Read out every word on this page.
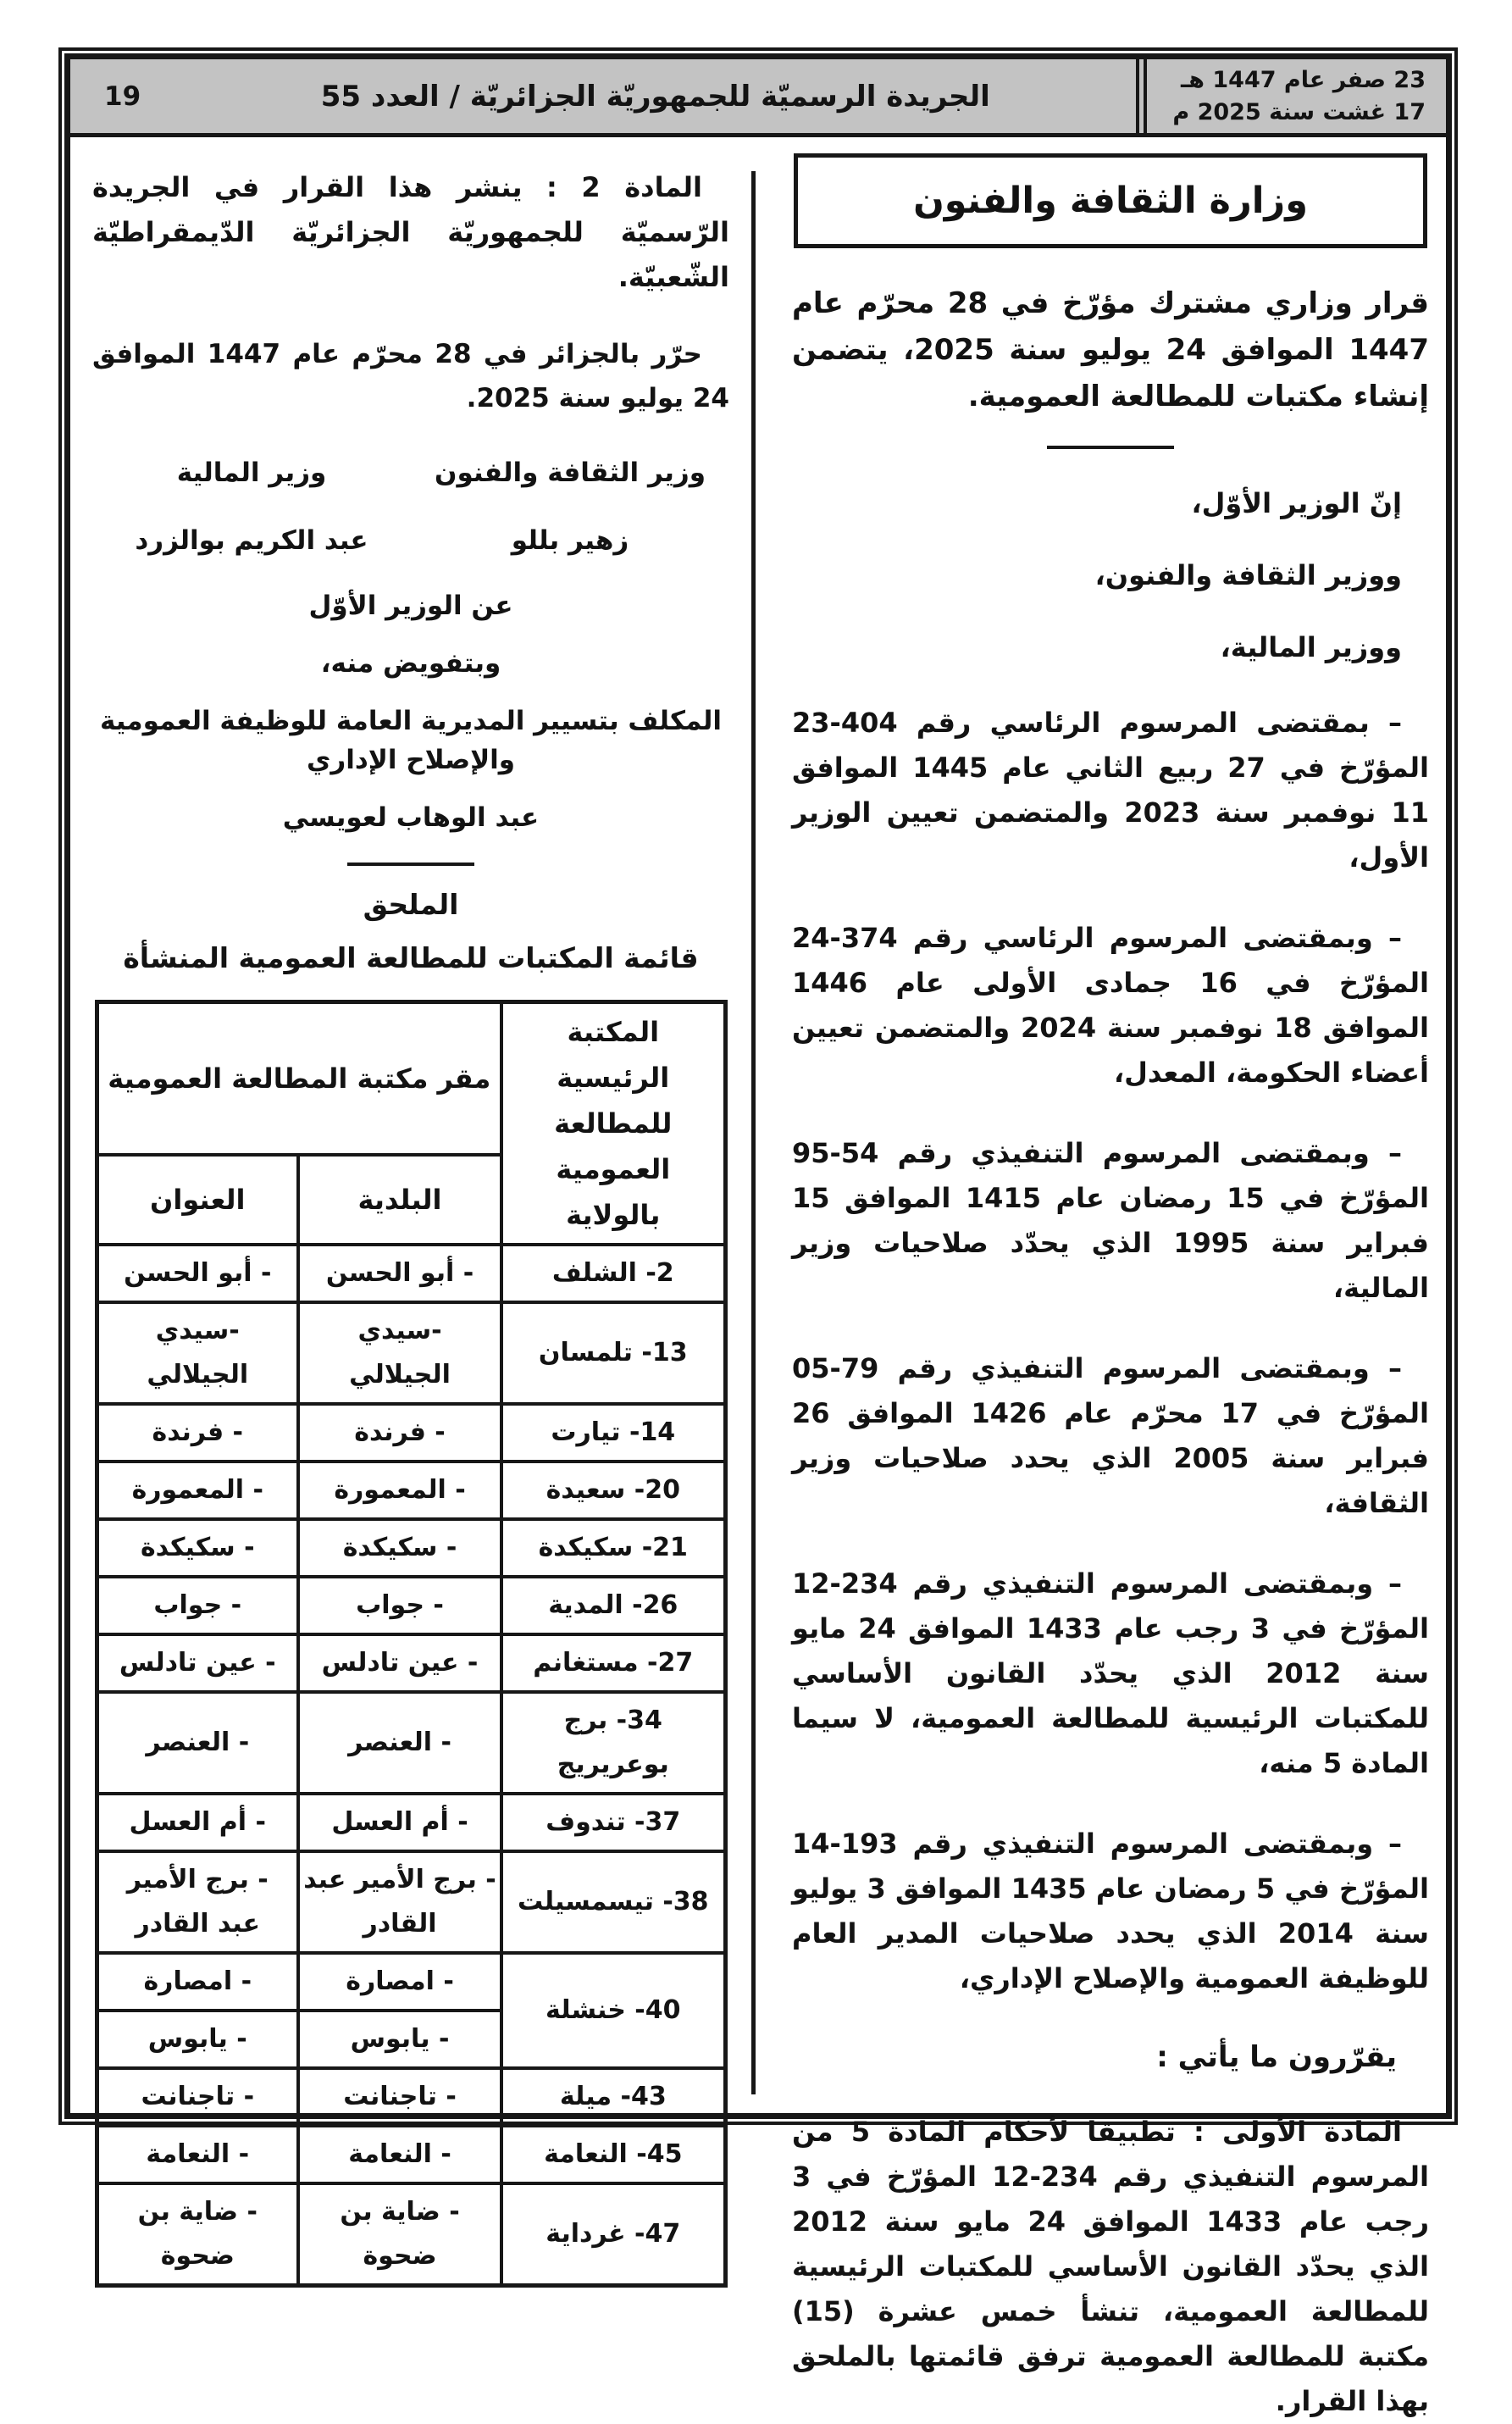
23 صفر عام 1447 هـ
17 غشت سنة 2025 م
الجريدة الرسميّة للجمهوريّة الجزائريّة / العدد 55
19
وزارة الثقافة والفنون

قرار وزاري مشترك مؤرّخ في 28 محرّم عام 1447 الموافق 24 يوليو سنة 2025، يتضمن إنشاء مكتبات للمطالعة العمومية.

إنّ الوزير الأوّل،

ووزير الثقافة والفنون،

ووزير المالية،

– بمقتضى المرسوم الرئاسي رقم 404-23 المؤرّخ في 27 ربيع الثاني عام 1445 الموافق 11 نوفمبر سنة 2023 والمتضمن تعيين الوزير الأول،

– وبمقتضى المرسوم الرئاسي رقم 374-24 المؤرّخ في 16 جمادى الأولى عام 1446 الموافق 18 نوفمبر سنة 2024 والمتضمن تعيين أعضاء الحكومة، المعدل،

– وبمقتضى المرسوم التنفيذي رقم 54-95 المؤرّخ في 15 رمضان عام 1415 الموافق 15 فبراير سنة 1995 الذي يحدّد صلاحيات وزير المالية،

– وبمقتضى المرسوم التنفيذي رقم 79-05 المؤرّخ في 17 محرّم عام 1426 الموافق 26 فبراير سنة 2005 الذي يحدد صلاحيات وزير الثقافة،

– وبمقتضى المرسوم التنفيذي رقم 234-12 المؤرّخ في 3 رجب عام 1433 الموافق 24 مايو سنة 2012 الذي يحدّد القانون الأساسي للمكتبات الرئيسية للمطالعة العمومية، لا سيما المادة 5 منه،

– وبمقتضى المرسوم التنفيذي رقم 193-14 المؤرّخ في 5 رمضان عام 1435 الموافق 3 يوليو سنة 2014 الذي يحدد صلاحيات المدير العام للوظيفة العمومية والإصلاح الإداري،

يقرّرون ما يأتي :

المادة الأولى : تطبيقا لأحكام المادة 5 من المرسوم التنفيذي رقم 234-12 المؤرّخ في 3 رجب عام 1433 الموافق 24 مايو سنة 2012 الذي يحدّد القانون الأساسي للمكتبات الرئيسية للمطالعة العمومية، تنشأ خمس عشرة (15) مكتبة للمطالعة العمومية ترفق قائمتها بالملحق بهذا القرار.

المادة 2 : ينشر هذا القرار في الجريدة الرّسميّة للجمهوريّة الجزائريّة الدّيمقراطيّة الشّعبيّة.

حرّر بالجزائر في 28 محرّم عام 1447 الموافق 24 يوليو سنة 2025.

وزير الثقافة والفنون
زهير بللو
وزير المالية
عبد الكريم بوالزرد
عن الوزير الأوّل
وبتفويض منه،
المكلف بتسيير المديرية العامة للوظيفة العمومية والإصلاح الإداري
عبد الوهاب لعويسي
الملحق
قائمة المكتبات للمطالعة العمومية المنشأة
المكتبة الرئيسية للمطالعة العمومية بالولاية	مقر مكتبة المطالعة العمومية	
	البلدية	العنوان
2- الشلف	- أبو الحسن	- أبو الحسن
13- تلمسان	-سيدي الجيلالي	-سيدي الجيلالي
14- تيارت	- فرندة	- فرندة
20- سعيدة	- المعمورة	- المعمورة
21- سكيكدة	- سكيكدة	- سكيكدة
26- المدية	- جواب	- جواب
27- مستغانم	- عين تادلس	- عين تادلس
34- برج بوعريريج	- العنصر	- العنصر
37- تندوف	- أم العسل	- أم العسل
38- تيسمسيلت	- برج الأمير عبد القادر	- برج الأمير عبد القادر
40- خنشلة	- امصارة	- امصارة
	- يابوس	- يابوس
43- ميلة	- تاجنانت	- تاجنانت
45- النعامة	- النعامة	- النعامة
47- غرداية	- ضاية بن ضحوة	- ضاية بن ضحوة
